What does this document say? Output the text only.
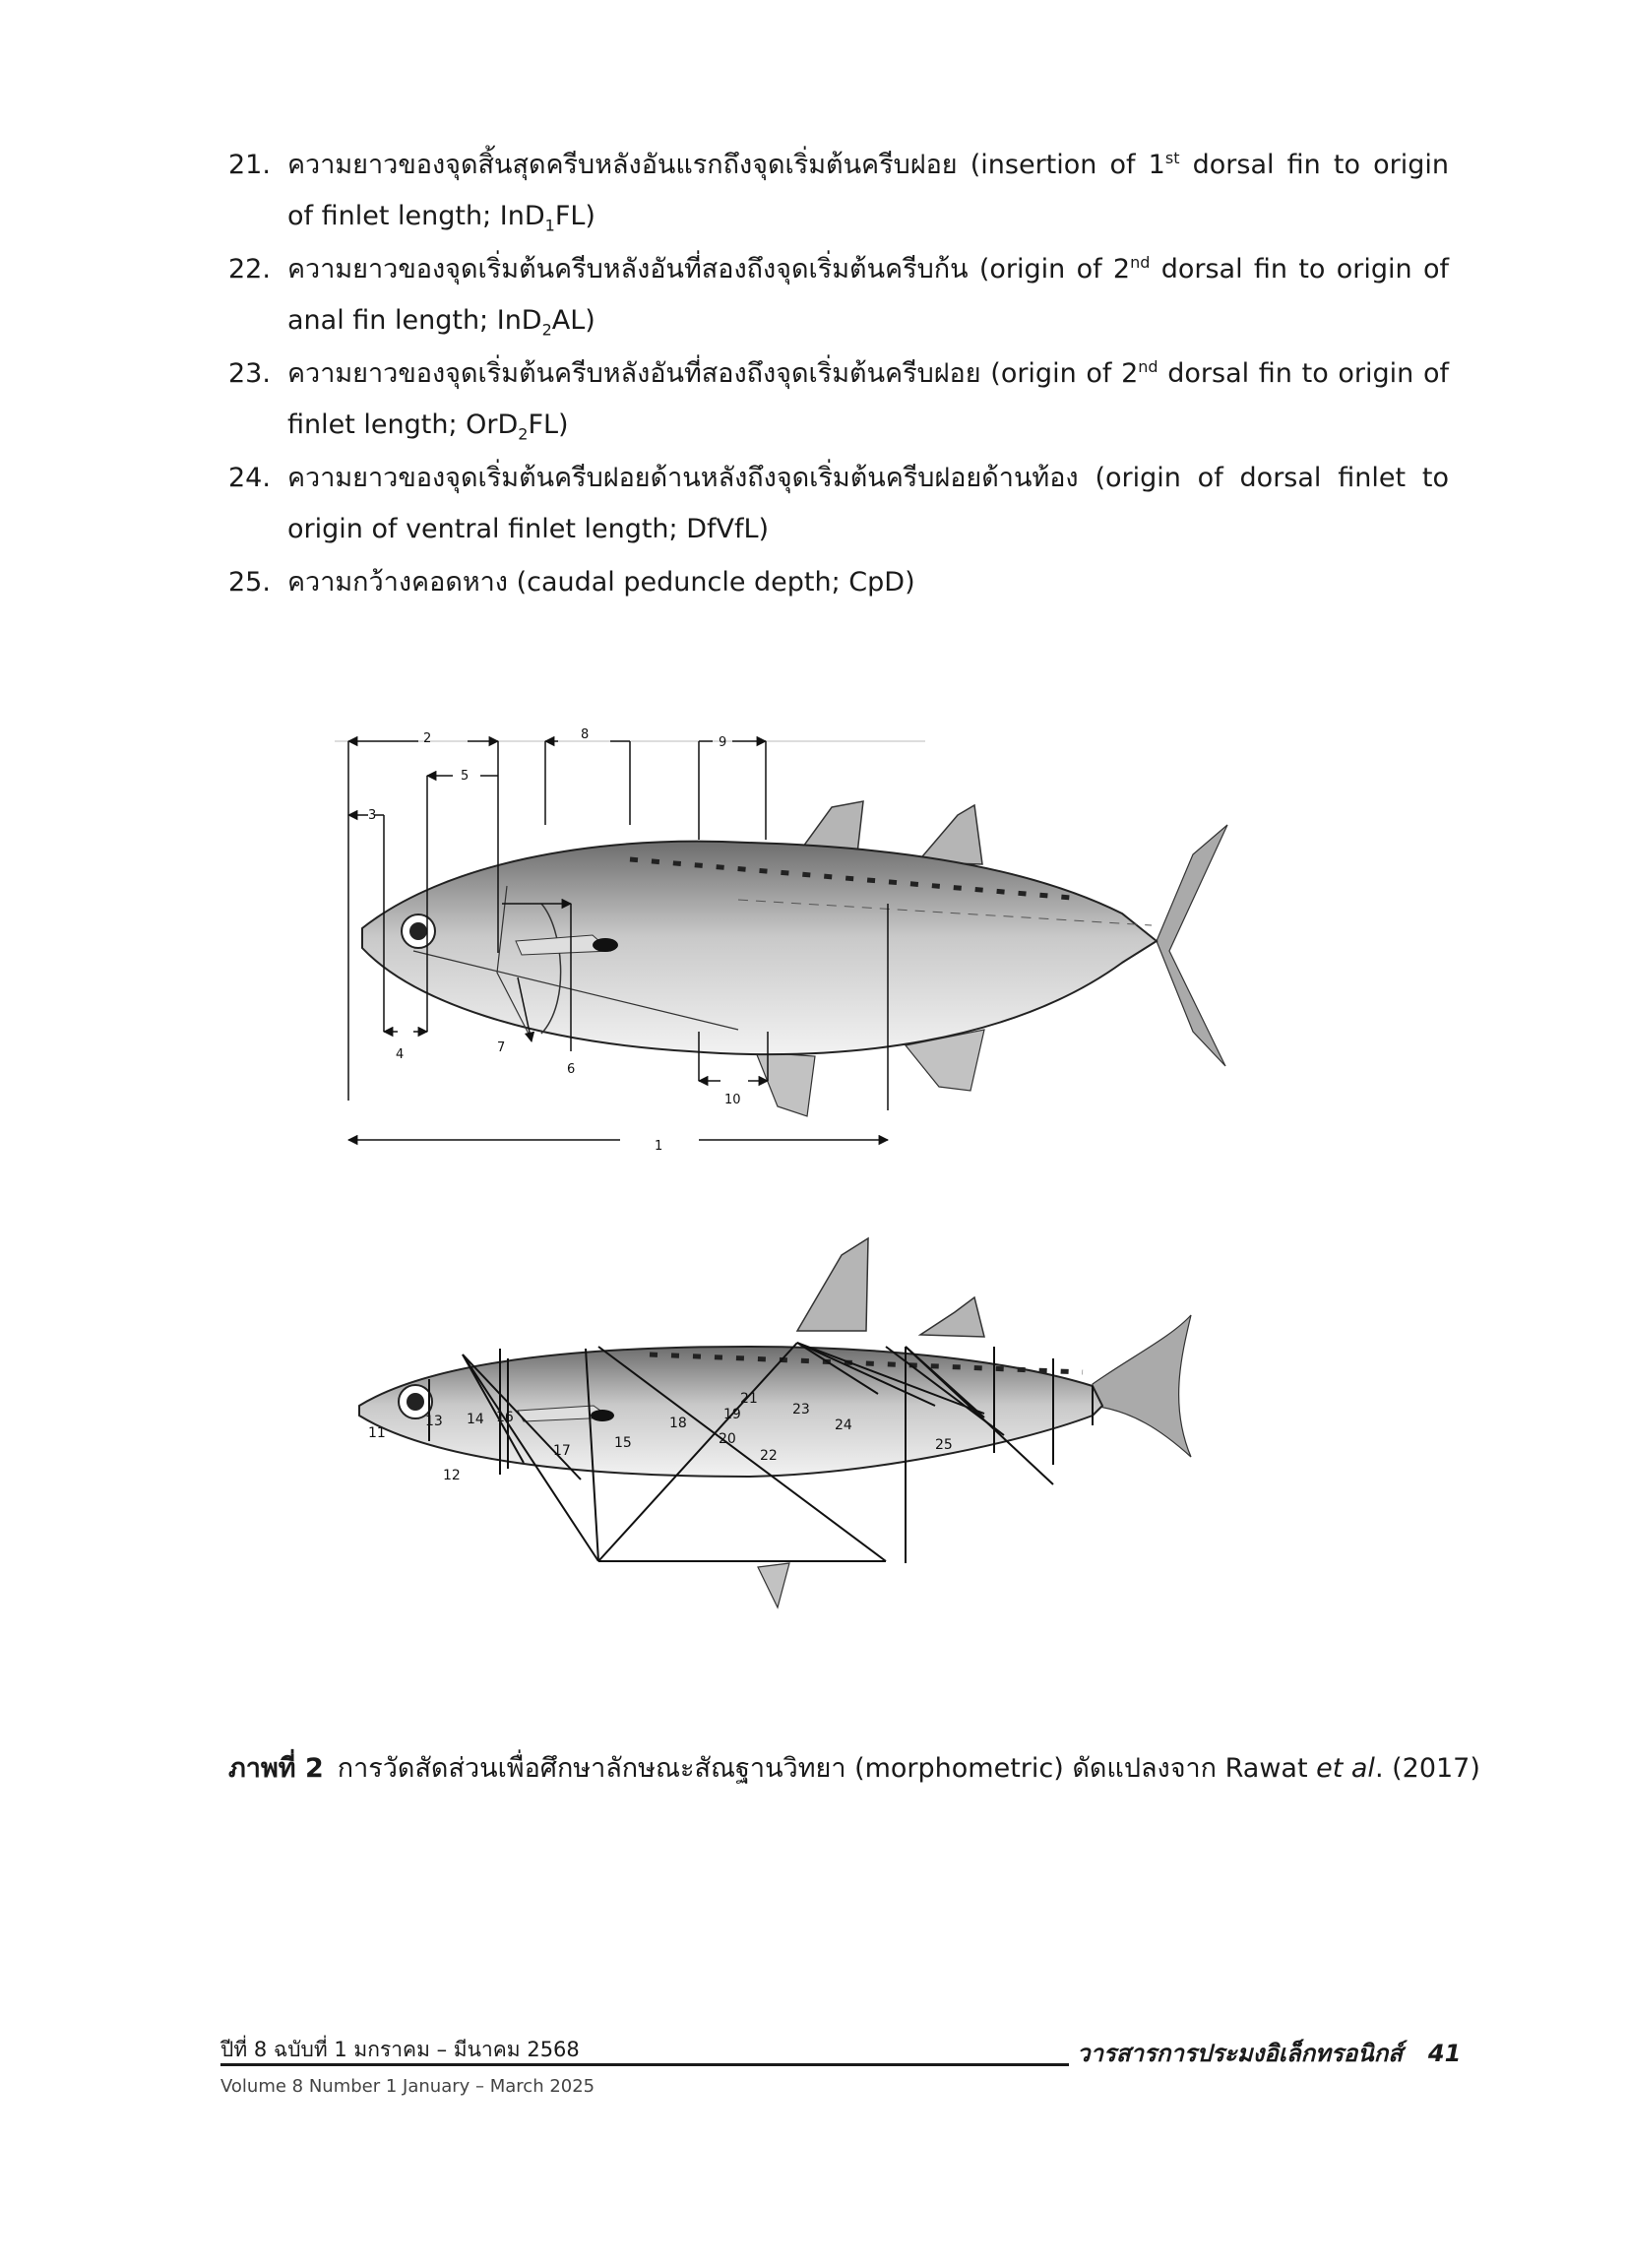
21. ความยาวของจุดสิ้นสุดครีบหลังอันแรกถึงจุดเริ่มต้นครีบฝอย (insertion of 1st dorsal fin to origin of finlet length; InD$_1$FL)
22. ความยาวของจุดเริ่มต้นครีบหลังอันที่สองถึงจุดเริ่มต้นครีบก้น (origin of 2nd dorsal fin to origin of anal fin length; InD$_2$AL)
23. ความยาวของจุดเริ่มต้นครีบหลังอันที่สองถึงจุดเริ่มต้นครีบฝอย (origin of 2nd dorsal fin to origin of finlet length; OrD$_2$FL)
24. ความยาวของจุดเริ่มต้นครีบฝอยด้านหลังถึงจุดเริ่มต้นครีบฝอยด้านท้อง (origin of dorsal finlet to origin of ventral finlet length; DfVfL)
25. ความกว้างคอดหาง (caudal peduncle depth; CpD)
1
2
3
4
5
6
7
8
9
10
11
12
13 14
15
16
17
18
19
20
21
22
23
24
25
ภาพที่ 2 การวัดสัดส่วนเพื่อศึกษาลักษณะสัณฐานวิทยา (morphometric) ดัดแปลงจาก Rawat et al. (2017)
ปีที่ 8 ฉบับที่ 1 มกราคม – มีนาคม 2568
Volume 8 Number 1 January – March 2025
วารสารการประมงอิเล็กทรอนิกส์ 41
